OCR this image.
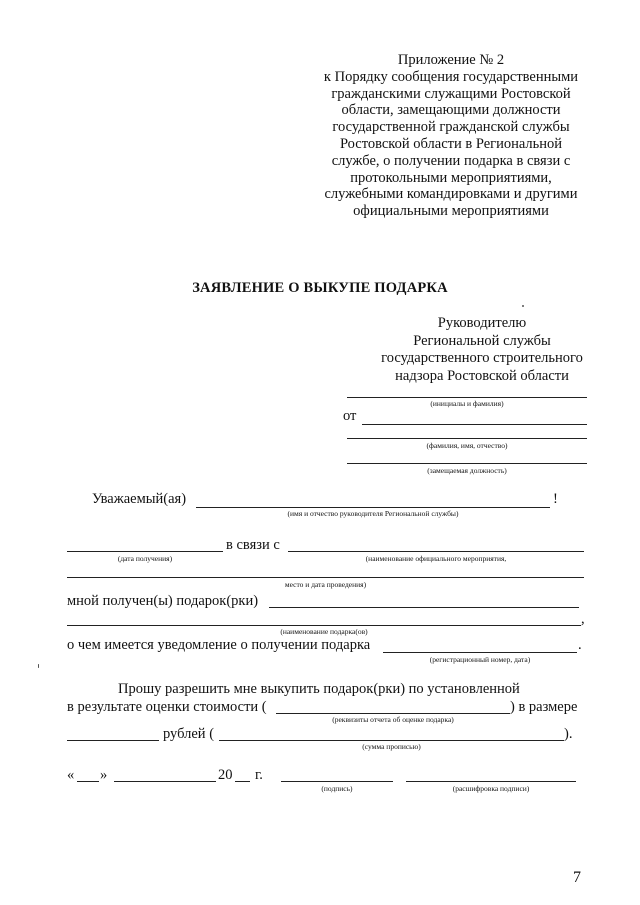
Приложение № 2
к Порядку сообщения государственными
гражданскими служащими Ростовской
области, замещающими должности
государственной гражданской службы
Ростовской области в Региональной
службе, о получении подарка в связи с
протокольными мероприятиями,
служебными командировками и другими
официальными мероприятиями
ЗАЯВЛЕНИЕ О ВЫКУПЕ ПОДАРКА
Руководителю
Региональной службы
государственного строительного
надзора Ростовской области
(инициалы и фамилия)
от
(фамилия, имя, отчество)
(замещаемая должность)
Уважаемый(ая)	!
(имя и отчество руководителя Региональной службы)
в связи с
(дата получения)	(наименование официального мероприятия,
место и дата проведения)
мной получен(ы) подарок(рки)
,
(наименование подарка(ов)
о чем имеется уведомление о получении подарка	.
(регистрационный номер, дата)
Прошу разрешить мне выкупить подарок(рки) по установленной
в результате оценки стоимости (	) в размере
(реквизиты отчета об оценке подарка)
рублей (	).
(сумма прописью)
« »	20 г.
(подпись)	(расшифровка подписи)
7
